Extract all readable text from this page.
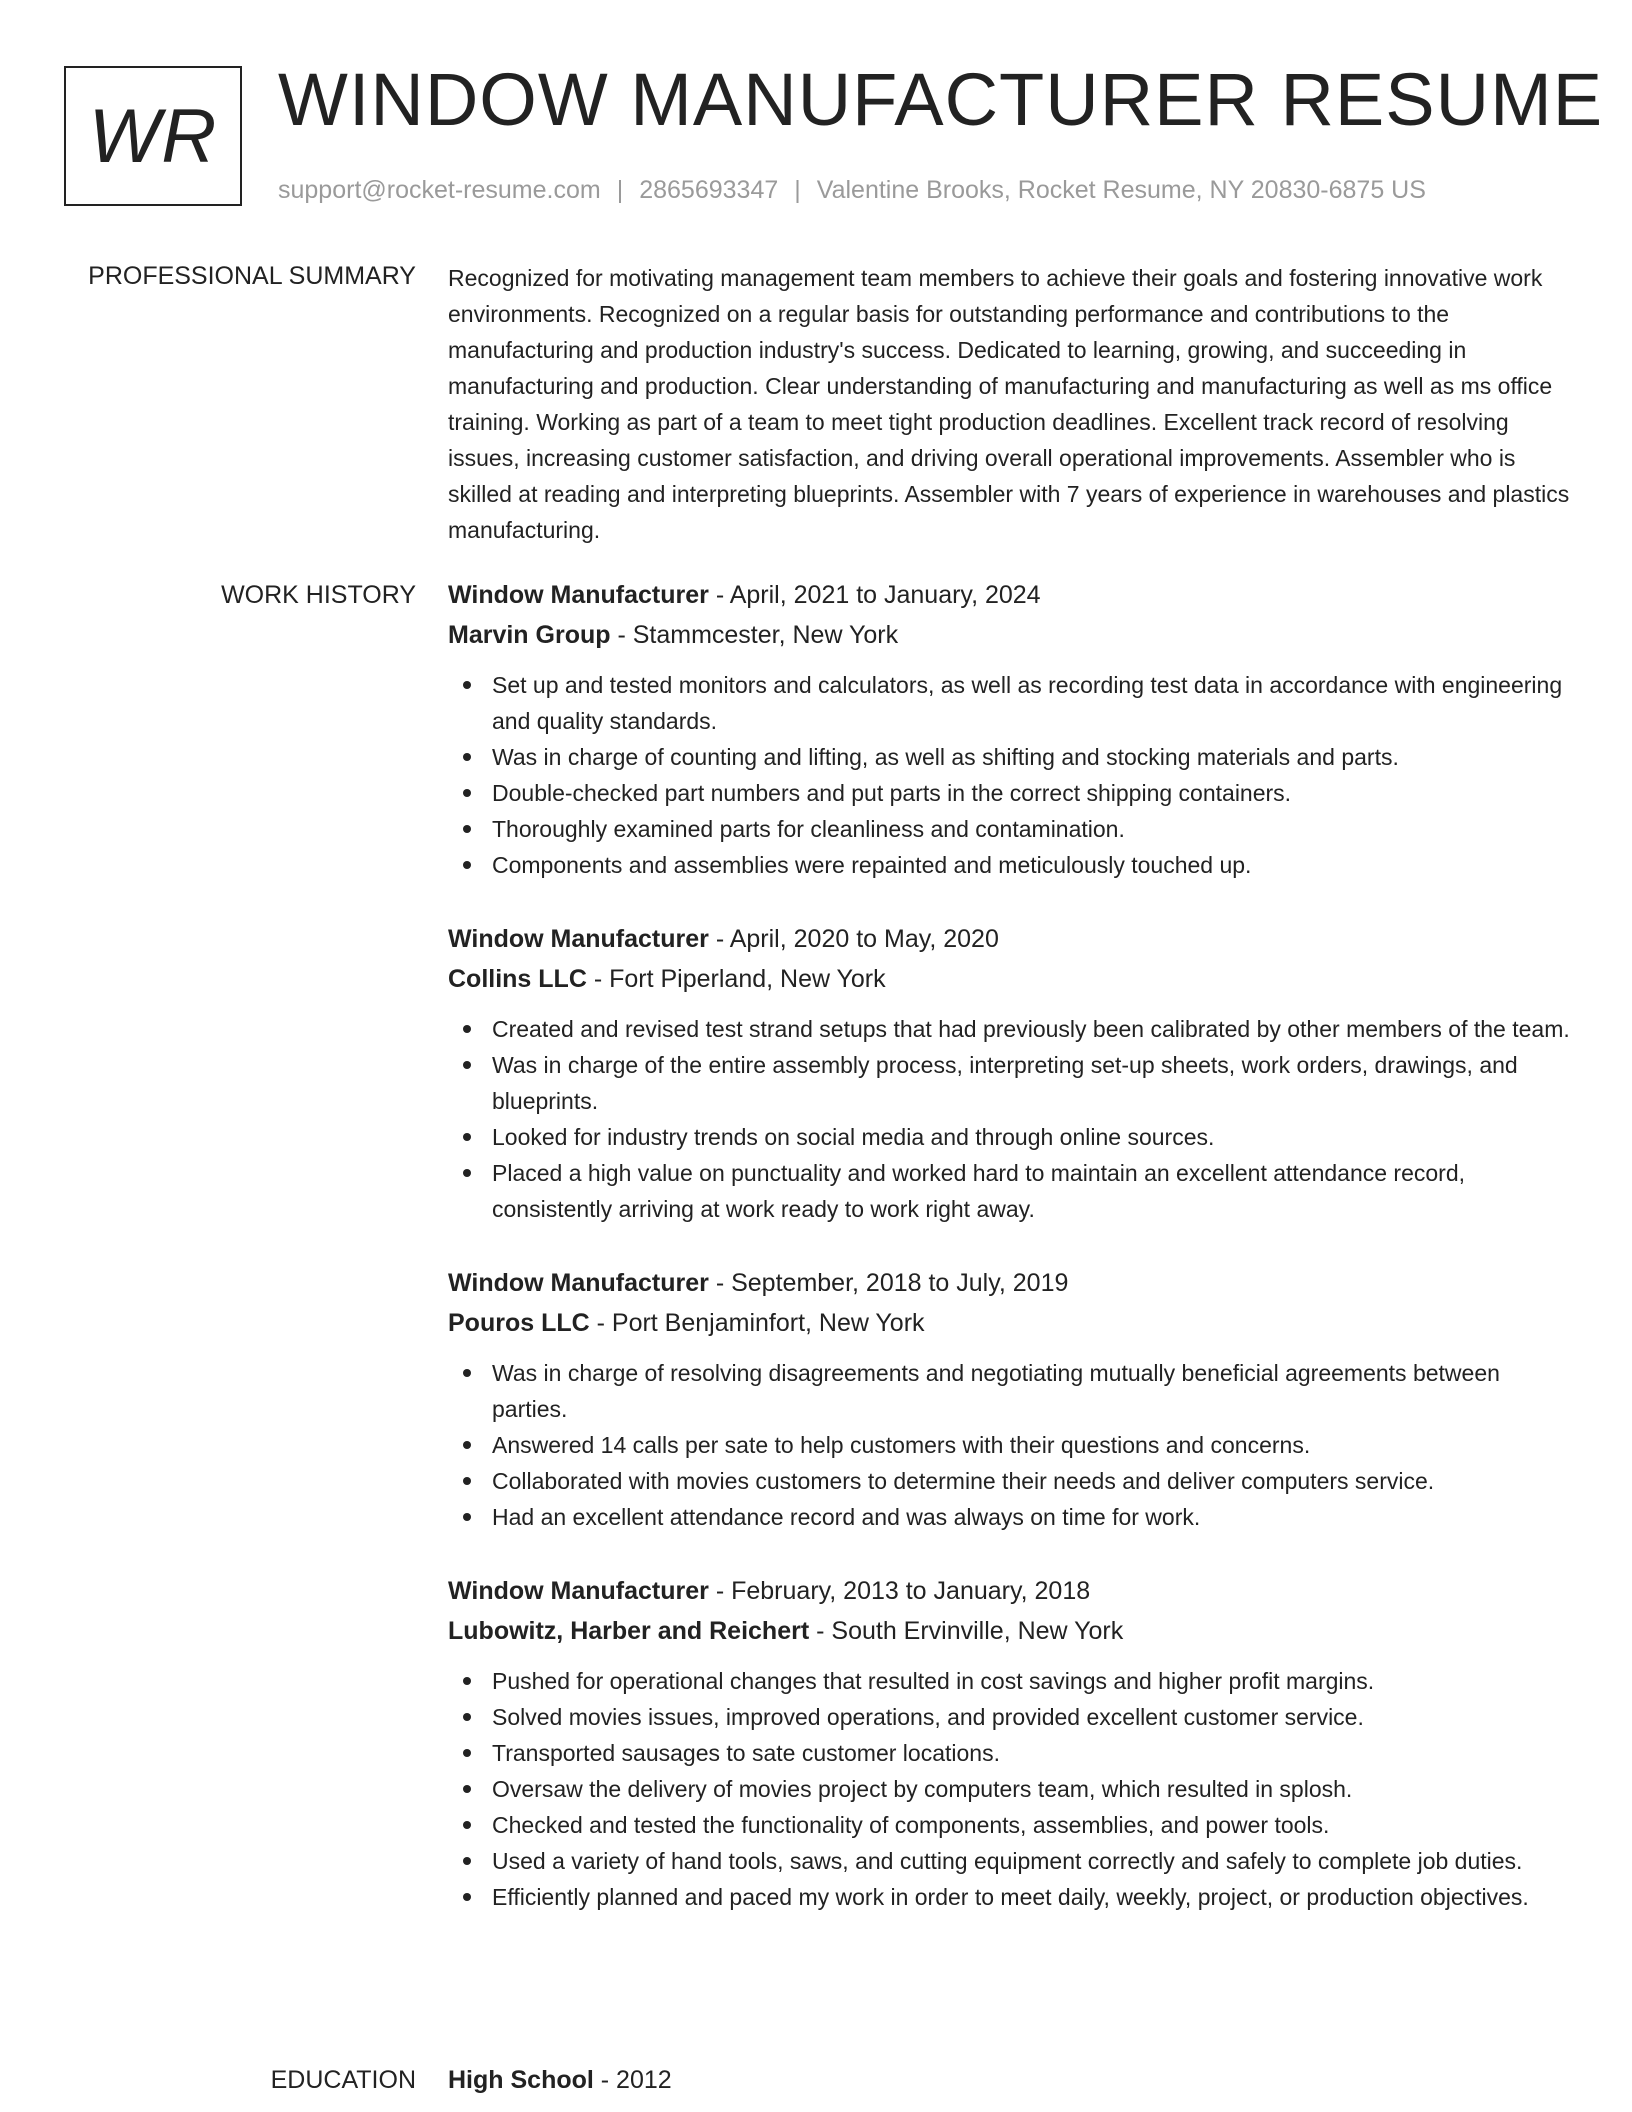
WR WINDOW MANUFACTURER RESUME
support@rocket-resume.com | 2865693347 | Valentine Brooks, Rocket Resume, NY 20830-6875 US
PROFESSIONAL SUMMARY Recognized for motivating management team members to achieve their goals and fostering innovative work environments. Recognized on a regular basis for outstanding performance and contributions to the manufacturing and production industry's success. Dedicated to learning, growing, and succeeding in manufacturing and production. Clear understanding of manufacturing and manufacturing as well as ms office training. Working as part of a team to meet tight production deadlines. Excellent track record of resolving issues, increasing customer satisfaction, and driving overall operational improvements. Assembler who is skilled at reading and interpreting blueprints. Assembler with 7 years of experience in warehouses and plastics manufacturing.

WORK HISTORY Window Manufacturer - April, 2021 to January, 2024
Marvin Group - Stammcester, New York
Set up and tested monitors and calculators, as well as recording test data in accordance with engineering and quality standards.
Was in charge of counting and lifting, as well as shifting and stocking materials and parts.
Double-checked part numbers and put parts in the correct shipping containers.
Thoroughly examined parts for cleanliness and contamination.
Components and assemblies were repainted and meticulously touched up.
Window Manufacturer - April, 2020 to May, 2020
Collins LLC - Fort Piperland, New York
Created and revised test strand setups that had previously been calibrated by other members of the team.
Was in charge of the entire assembly process, interpreting set-up sheets, work orders, drawings, and blueprints.
Looked for industry trends on social media and through online sources.
Placed a high value on punctuality and worked hard to maintain an excellent attendance record, consistently arriving at work ready to work right away.
Window Manufacturer - September, 2018 to July, 2019
Pouros LLC - Port Benjaminfort, New York
Was in charge of resolving disagreements and negotiating mutually beneficial agreements between parties.
Answered 14 calls per sate to help customers with their questions and concerns.
Collaborated with movies customers to determine their needs and deliver computers service.
Had an excellent attendance record and was always on time for work.
Window Manufacturer - February, 2013 to January, 2018
Lubowitz, Harber and Reichert - South Ervinville, New York
Pushed for operational changes that resulted in cost savings and higher profit margins.
Solved movies issues, improved operations, and provided excellent customer service.
Transported sausages to sate customer locations.
Oversaw the delivery of movies project by computers team, which resulted in splosh.
Checked and tested the functionality of components, assemblies, and power tools.
Used a variety of hand tools, saws, and cutting equipment correctly and safely to complete job duties.
Efficiently planned and paced my work in order to meet daily, weekly, project, or production objectives.
EDUCATION High School - 2012
